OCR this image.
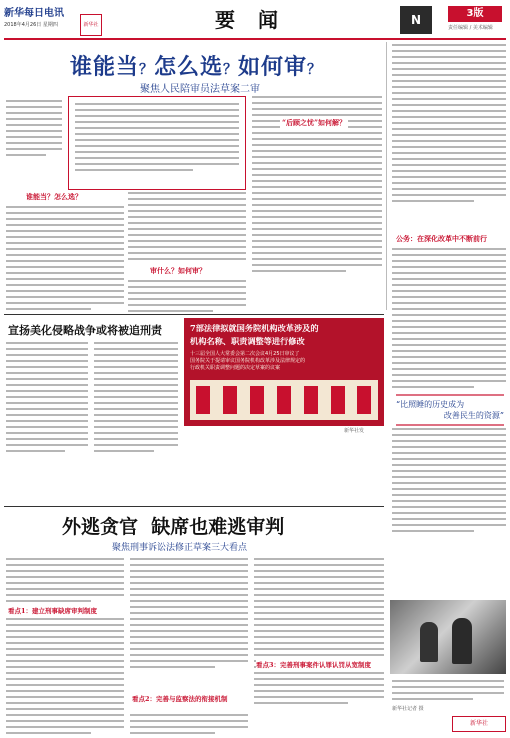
新华每日电讯
2018年4月26日 星期四	新华社	要 闻	N	3版
责任编辑 / 美术编辑
谁能当？怎么选？如何审？
聚焦人民陪审员法草案二审
谁能当？怎么选？
审什么？如何审？
“后顾之忧”如何解？
公务：在深化改革中不断前行
“比照睡的历史成为
改善民生的资源”
宣扬美化侵略战争或将被追刑责	7部法律拟就国务院机构改革涉及的
机构名称、职责调整等进行修改
十三届全国人大常委会第二次会议4月25日审议了
国务院关于提请审议国务院机构改革涉及法律规定的
行政机关职责调整问题的决定草案的议案
新华社发
外逃贪官  缺席也难逃审判
聚焦刑事诉讼法修正草案三大看点
看点1：建立刑事缺席审判制度
看点2：完善与监察法的衔接机制
看点3：完善刑事案件认罪认罚从宽制度
新华社记者 摄
新华社
